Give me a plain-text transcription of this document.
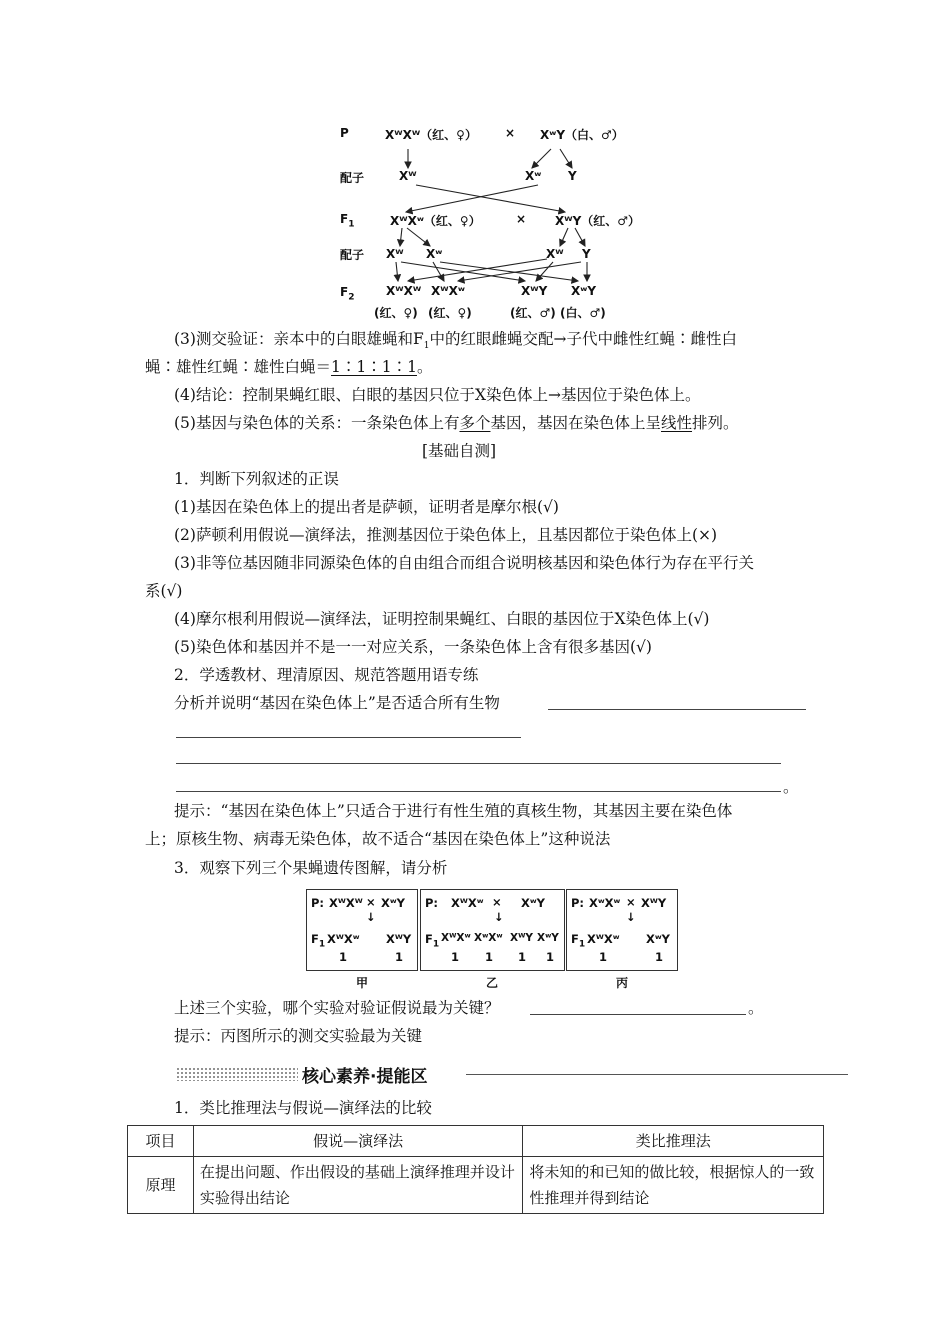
P	XᵂXᵂ（红、♀） × XʷY（白、♂）
配子	Xᵂ	Xʷ Y
$F_1$	XᵂXʷ（红、♀）	× XᵂY（红、♂）
配子 Xᵂ Xʷ	Xᵂ Y
$F_2$	XᵂXᵂ XᵂXʷ	XᵂY XʷY
(红、♀) (红、♀)	(红、♂) (白、♂)
(3)测交验证：亲本中的白眼雄蝇和$F_1$中的红眼雌蝇交配→子代中雌性红蝇∶雌性白
蝇∶雄性红蝇∶雄性白蝇＝1∶1∶1∶1。
(4)结论：控制果蝇红眼、白眼的基因只位于X染色体上→基因位于染色体上。
(5)基因与染色体的关系：一条染色体上有多个基因，基因在染色体上呈线性排列。
[基础自测]
1．判断下列叙述的正误
(1)基因在染色体上的提出者是萨顿，证明者是摩尔根(√)
(2)萨顿利用假说—演绎法，推测基因位于染色体上，且基因都位于染色体上(×)
(3)非等位基因随非同源染色体的自由组合而组合说明核基因和染色体行为存在平行关
系(√)
(4)摩尔根利用假说—演绎法，证明控制果蝇红、白眼的基因位于X染色体上(√)
(5)染色体和基因并不是一一对应关系，一条染色体上含有很多基因(√)
2．学透教材、理清原因、规范答题用语专练
分析并说明“基因在染色体上”是否适合所有生物
。
提示：“基因在染色体上”只适合于进行有性生殖的真核生物，其基因主要在染色体
上；原核生物、病毒无染色体，故不适合“基因在染色体上”这种说法
3．观察下列三个果蝇遗传图解，请分析
P: XᵂXᵂ × XʷY
↓
$F_1$ XᵂXʷ XᵂY
1	1
甲
P: XᵂXʷ × XʷY
↓
$F_1$
XᵂXʷ XʷXʷ XᵂY XʷY
1 1 1 1
乙
P: XʷXʷ × XᵂY
↓
$F_1$ XᵂXʷ XʷY
1	1
丙
上述三个实验，哪个实验对验证假说最为关键？	。
提示：丙图所示的测交实验最为关键
核心素养·提能区
1．类比推理法与假说—演绎法的比较
项目	假说—演绎法	类比推理法
原理	在提出问题、作出假设的基础上演绎推理并设计实验得出结论	将未知的和已知的做比较，根据惊人的一致性推理并得到结论
